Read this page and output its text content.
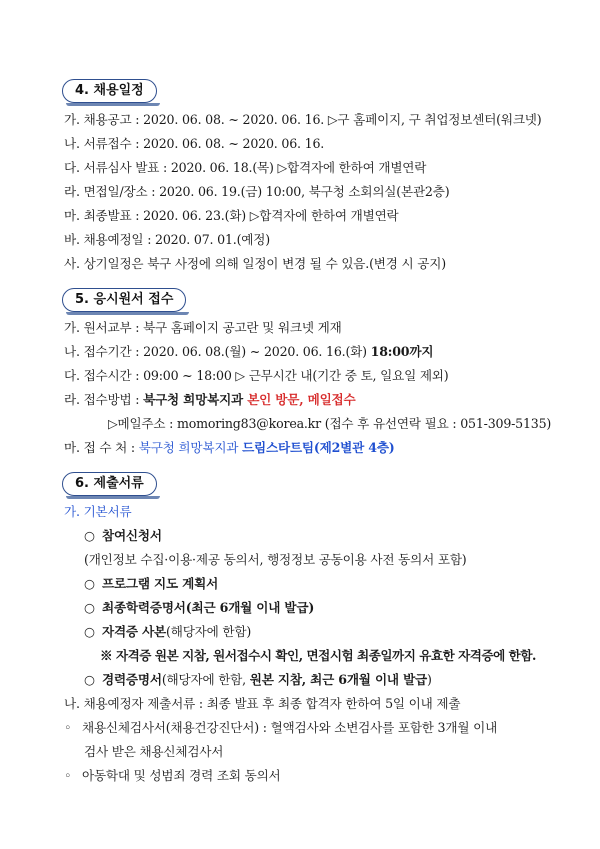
4. 채용일정
가. 채용공고 : 2020. 06. 08. ~ 2020. 06. 16. ▷구 홈페이지, 구 취업정보센터(워크넷)
나. 서류접수 : 2020. 06. 08. ~ 2020. 06. 16.
다. 서류심사 발표 : 2020. 06. 18.(목) ▷합격자에 한하여 개별연락
라. 면접일/장소 : 2020. 06. 19.(금) 10:00, 북구청 소회의실(본관2층)
마. 최종발표 : 2020. 06. 23.(화) ▷합격자에 한하여 개별연락
바. 채용예정일 : 2020. 07. 01.(예정)
사. 상기일정은 북구 사정에 의해 일정이 변경 될 수 있음.(변경 시 공지)
5. 응시원서 접수
가. 원서교부 : 북구 홈페이지 공고란 및 워크넷 게재
나. 접수기간 : 2020. 06. 08.(월) ~ 2020. 06. 16.(화) 18:00까지
다. 접수시간 : 09:00 ~ 18:00 ▷ 근무시간 내(기간 중 토, 일요일 제외)
라. 접수방법 : 북구청 희망복지과 본인 방문, 메일접수
▷메일주소 : momoring83@korea.kr (접수 후 유선연락 필요 : 051-309-5135)
마. 접 수 처 : 북구청 희망복지과 드림스타트팀(제2별관 4층)
6. 제출서류
가. 기본서류
○ 참여신청서
(개인정보 수집·이용·제공 동의서, 행정정보 공동이용 사전 동의서 포함)
○ 프로그램 지도 계획서
○ 최종학력증명서(최근 6개월 이내 발급)
○ 자격증 사본(해당자에 한함)
※ 자격증 원본 지참, 원서접수시 확인, 면접시험 최종일까지 유효한 자격증에 한함.
○ 경력증명서(해당자에 한함, 원본 지참, 최근 6개월 이내 발급)
나. 채용예정자 제출서류 : 최종 발표 후 최종 합격자 한하여 5일 이내 제출
◦ 채용신체검사서(채용건강진단서) : 혈액검사와 소변검사를 포함한 3개월 이내
검사 받은 채용신체검사서
◦ 아동학대 및 성범죄 경력 조회 동의서
